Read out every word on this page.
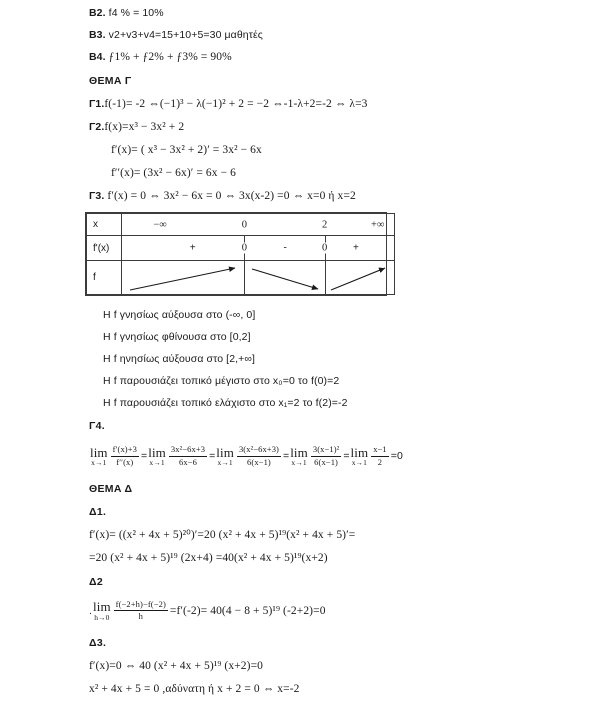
B2. f4 % = 10%
B3. v2+v3+v4=15+10+5=30 μαθητές
B4. ƒ1% + ƒ2% + ƒ3% = 90%
ΘΕΜΑ Γ
Γ1.f(-1)= -2 ⇔(−1)³ − λ(−1)² + 2 = −2 ⇔-1-λ+2=-2 ⇔ λ=3
Γ2.f(x)=x³ − 3x² + 2
f′(x)= ( x³ − 3x² + 2)′ = 3x² − 6x
f′′(x)= (3x² − 6x)′ = 6x − 6
Γ3. f′(x) = 0 ⇔ 3x² − 6x = 0 ⇔ 3x(x-2) =0 ⇔ x=0 ή x=2
x	−∞ 0 2 +∞

f'(x)	+ 0 - 0 +

f	
Η f γνησίως αύξουσα στο (-∞, 0]
Η f γνησίως φθίνουσα στο [0,2]
Η f ηνησίως αύξουσα στο [2,+∞]
Η f παρουσιάζει τοπικό μέγιστο στο x₀=0 το f(0)=2
Η f παρουσιάζει τοπικό ελάχιστο στο x₁=2 το f(2)=-2
Γ4.
lim
$x\to 1 \frac{f'(x)+3}{f''(x)} =\lim$
$x\to 1 \frac{\text{3x²−6x+3}}{6x-6} =\lim$
$x\to 1 \frac{\text{3(x²−6x+3)}}{6(x-1)} =\lim$
$x\to 1 \frac{\text{3(x−1)²}}{6(x-1)} =\lim$
$x\to 1 \frac{x-1}{2} =0$
ΘΕΜΑ Δ
Δ1.
f′(x)= ((x² + 4x + 5)²⁰)′=20 (x² + 4x + 5)¹⁹(x² + 4x + 5)′=
=20 (x² + 4x + 5)¹⁹ (2x+4) =40(x² + 4x + 5)¹⁹(x+2)
Δ2
.lim
$h\to 0 \frac{f(-2+h)-f(-2)}{h} =f'(-2)= 40(4 - 8 + 5)^{19}$ (-2+2)=0
Δ3.
f′(x)=0 ⇔ 40 (x² + 4x + 5)¹⁹ (x+2)=0
x² + 4x + 5 = 0 ,αδύνατη ή x + 2 = 0 ⇔ x=-2
